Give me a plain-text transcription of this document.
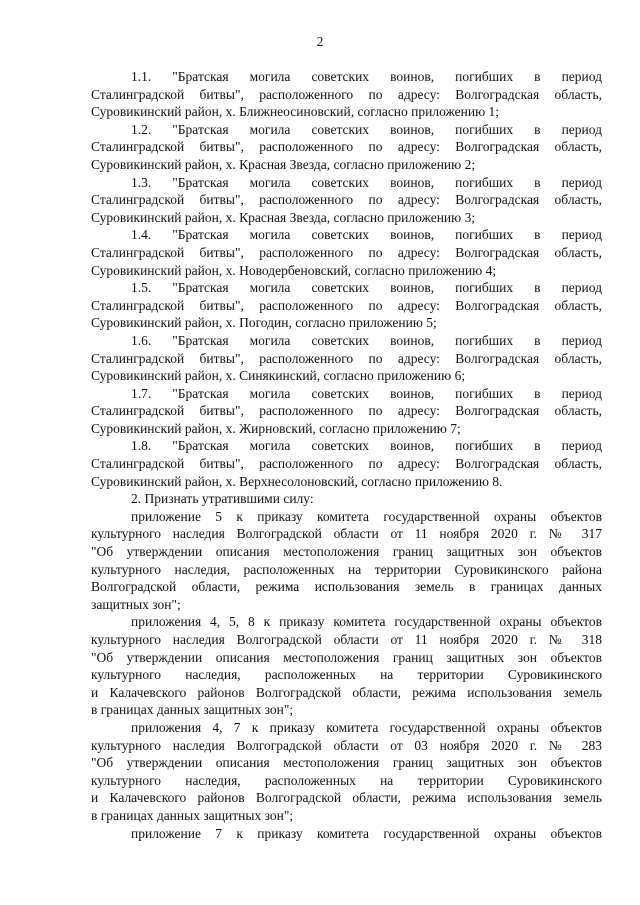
2
1.1. "Братская могила советских воинов, погибших в период
Сталинградской битвы", расположенного по адресу: Волгоградская область,
Суровикинский район, х. Ближнеосиновский, согласно приложению 1;
1.2. "Братская могила советских воинов, погибших в период
Сталинградской битвы", расположенного по адресу: Волгоградская область,
Суровикинский район, х. Красная Звезда, согласно приложению 2;
1.3. "Братская могила советских воинов, погибших в период
Сталинградской битвы", расположенного по адресу: Волгоградская область,
Суровикинский район, х. Красная Звезда, согласно приложению 3;
1.4. "Братская могила советских воинов, погибших в период
Сталинградской битвы", расположенного по адресу: Волгоградская область,
Суровикинский район, х. Новодербеновский, согласно приложению 4;
1.5. "Братская могила советских воинов, погибших в период
Сталинградской битвы", расположенного по адресу: Волгоградская область,
Суровикинский район, х. Погодин, согласно приложению 5;
1.6. "Братская могила советских воинов, погибших в период
Сталинградской битвы", расположенного по адресу: Волгоградская область,
Суровикинский район, х. Синякинский, согласно приложению 6;
1.7. "Братская могила советских воинов, погибших в период
Сталинградской битвы", расположенного по адресу: Волгоградская область,
Суровикинский район, х. Жирновский, согласно приложению 7;
1.8. "Братская могила советских воинов, погибших в период
Сталинградской битвы", расположенного по адресу: Волгоградская область,
Суровикинский район, х. Верхнесолоновский, согласно приложению 8.
2. Признать утратившими силу:
приложение 5 к приказу комитета государственной охраны объектов
культурного наследия Волгоградской области от 11 ноября 2020 г. № 317
"Об утверждении описания местоположения границ защитных зон объектов
культурного наследия, расположенных на территории Суровикинского района
Волгоградской области, режима использования земель в границах данных
защитных зон";
приложения 4, 5, 8 к приказу комитета государственной охраны объектов
культурного наследия Волгоградской области от 11 ноября 2020 г. № 318
"Об утверждении описания местоположения границ защитных зон объектов
культурного наследия, расположенных на территории Суровикинского
и Калачевского районов Волгоградской области, режима использования земель
в границах данных защитных зон";
приложения 4, 7 к приказу комитета государственной охраны объектов
культурного наследия Волгоградской области от 03 ноября 2020 г. № 283
"Об утверждении описания местоположения границ защитных зон объектов
культурного наследия, расположенных на территории Суровикинского
и Калачевского районов Волгоградской области, режима использования земель
в границах данных защитных зон";
приложение 7 к приказу комитета государственной охраны объектов
